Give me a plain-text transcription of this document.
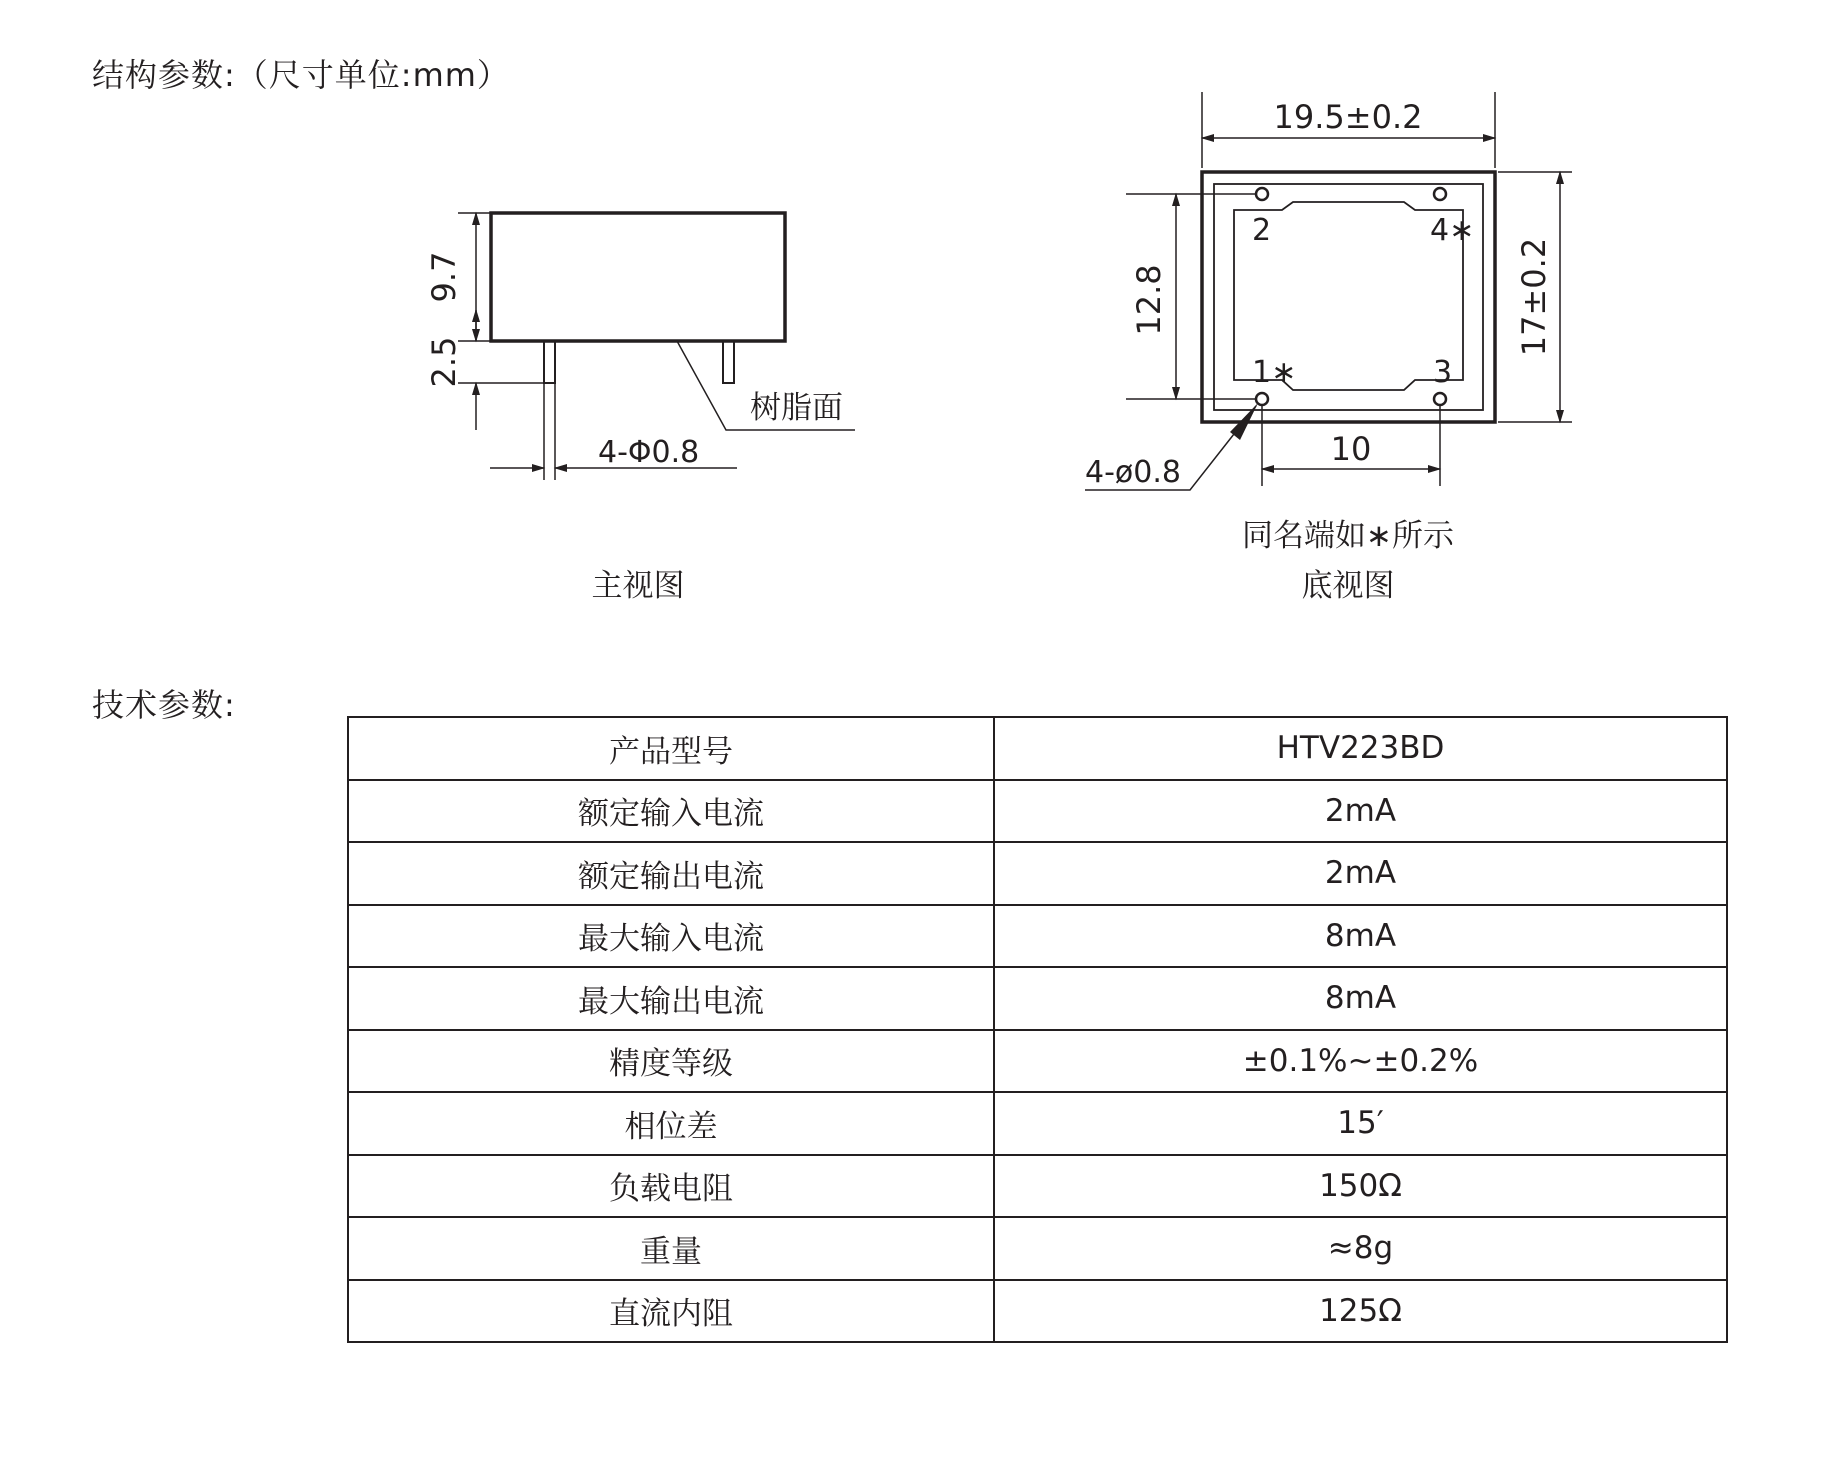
结构参数:（尺寸单位:mm）
9.7
2.5
4-Φ0.8
树脂面
主视图
19.5±0.2
17±0.2
12.8
10
4-ø0.8
2	4∗
1∗	3
同名端如∗所示
底视图
技术参数:
产品型号	HTV223BD
额定输入电流	2mA
额定输出电流	2mA
最大输入电流	8mA
最大输出电流	8mA
精度等级	±0.1%~±0.2%
相位差	15′
负载电阻	150Ω
重量	≈8g
直流内阻	125Ω
